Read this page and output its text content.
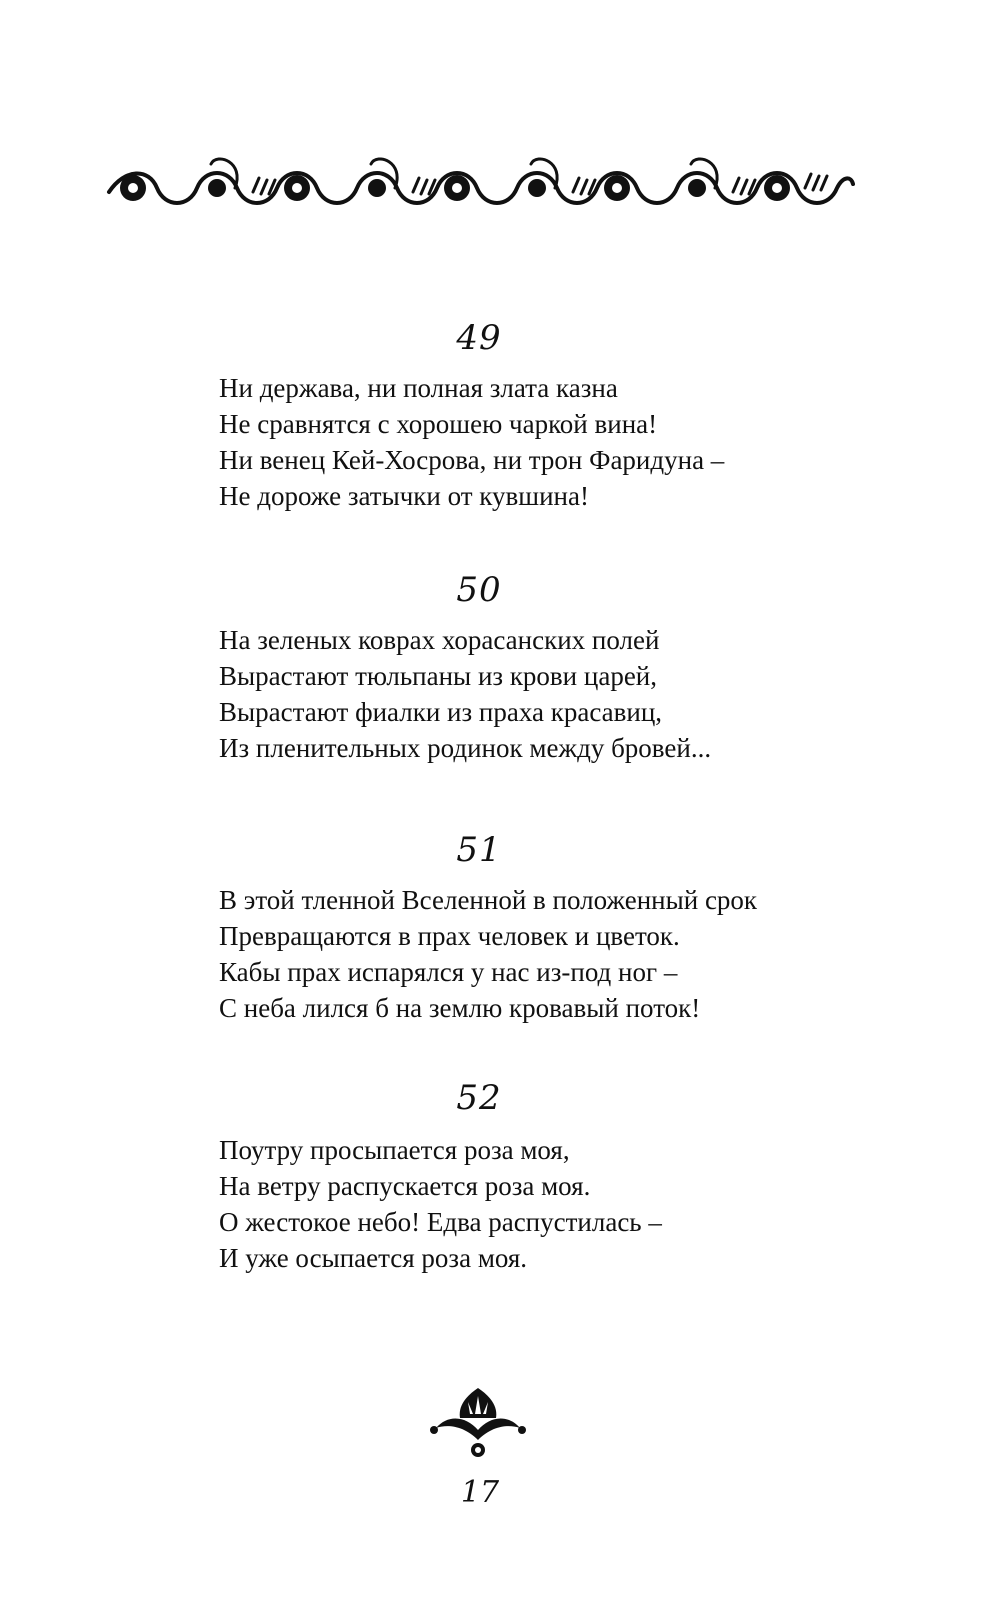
49
Ни держава, ни полная злата казна
Не сравнятся с хорошею чаркой вина!
Ни венец Кей-Хосрова, ни трон Фаридуна –
Не дороже затычки от кувшина!
50
На зеленых коврах хорасанских полей
Вырастают тюльпаны из крови царей,
Вырастают фиалки из праха красавиц,
Из пленительных родинок между бровей...
51
В этой тленной Вселенной в положенный срок
Превращаются в прах человек и цветок.
Кабы прах испарялся у нас из-под ног –
С неба лился б на землю кровавый поток!
52
Поутру просыпается роза моя,
На ветру распускается роза моя.
О жестокое небо! Едва распустилась –
И уже осыпается роза моя.
17
